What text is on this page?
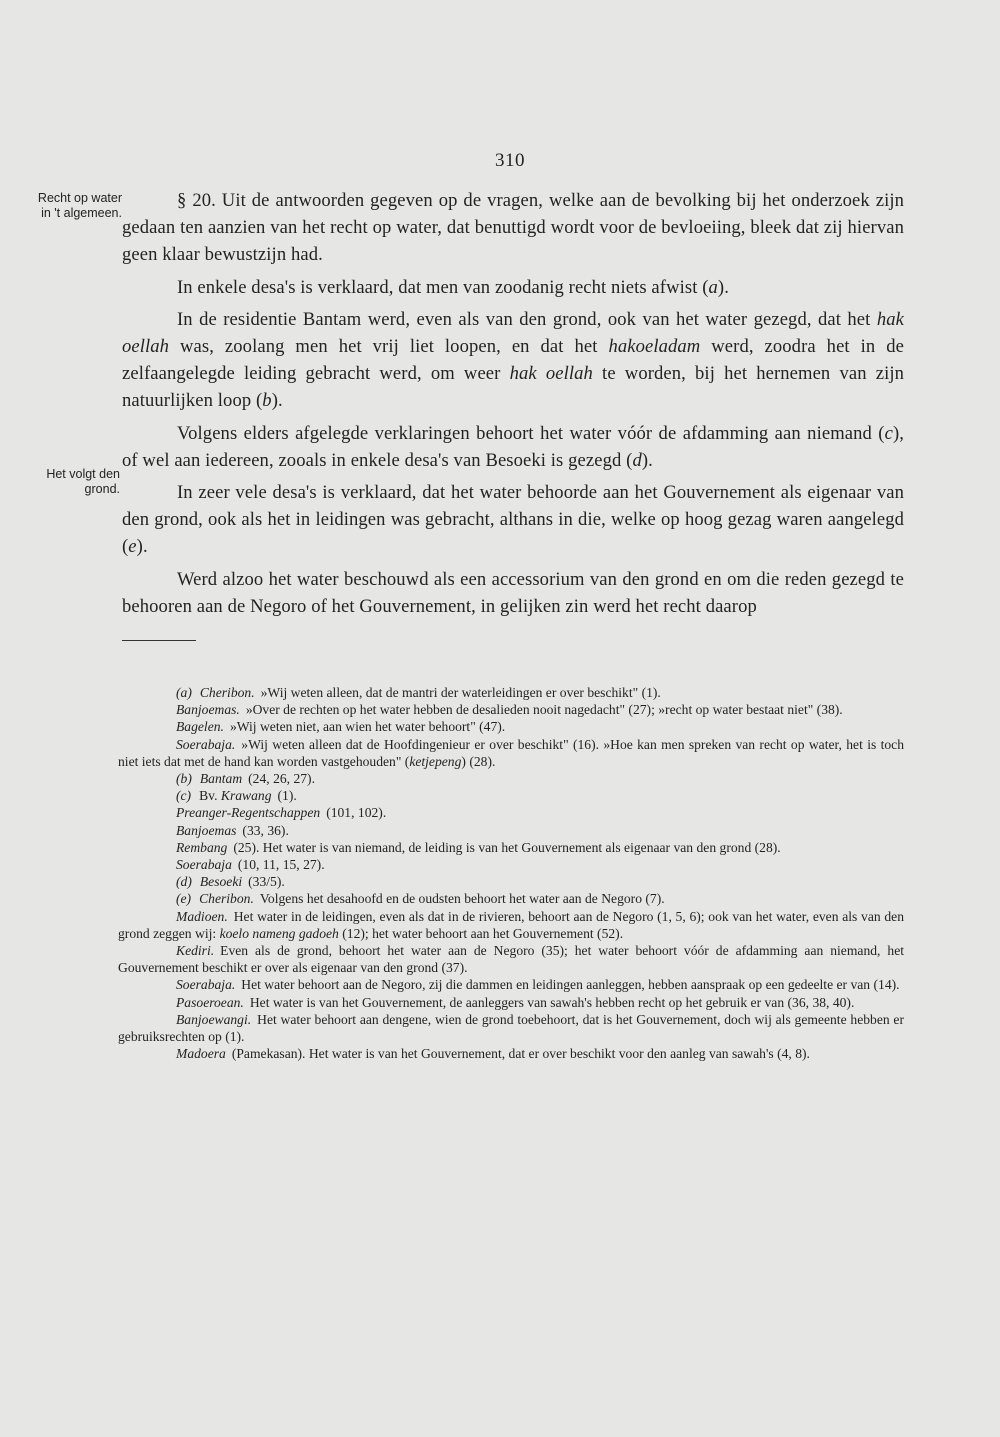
310
Recht op water
in 't algemeen.
Het volgt den
grond.

§ 20. Uit de antwoorden gegeven op de vragen, welke aan de bevolking bij het onderzoek zijn gedaan ten aanzien van het recht op water, dat benuttigd wordt voor de bevloeiing, bleek dat zij hiervan geen klaar bewustzijn had.

In enkele desa's is verklaard, dat men van zoodanig recht niets afwist (a).

In de residentie Bantam werd, even als van den grond, ook van het water gezegd, dat het hak oellah was, zoolang men het vrij liet loopen, en dat het hakoeladam werd, zoodra het in de zelfaangelegde leiding gebracht werd, om weer hak oellah te worden, bij het hernemen van zijn natuurlijken loop (b).

Volgens elders afgelegde verklaringen behoort het water vóór de afdamming aan niemand (c), of wel aan iedereen, zooals in enkele desa's van Besoeki is gezegd (d).

In zeer vele desa's is verklaard, dat het water behoorde aan het Gouvernement als eigenaar van den grond, ook als het in leidingen was gebracht, althans in die, welke op hoog gezag waren aangelegd (e).

Werd alzoo het water beschouwd als een accessorium van den grond en om die reden gezegd te behooren aan de Negoro of het Gouvernement, in gelijken zin werd het recht daarop

(a) Cheribon. »Wij weten alleen, dat de mantri der waterleidingen er over beschikt" (1).

Banjoemas. »Over de rechten op het water hebben de desalieden nooit nagedacht" (27); »recht op water bestaat niet" (38).

Bagelen. »Wij weten niet, aan wien het water behoort" (47).

Soerabaja. »Wij weten alleen dat de Hoofdingenieur er over beschikt" (16). »Hoe kan men spreken van recht op water, het is toch niet iets dat met de hand kan worden vastgehouden" (ketjepeng) (28).

(b) Bantam (24, 26, 27).

(c) Bv. Krawang (1).

Preanger-Regentschappen (101, 102).

Banjoemas (33, 36).

Rembang (25). Het water is van niemand, de leiding is van het Gouvernement als eigenaar van den grond (28).

Soerabaja (10, 11, 15, 27).

(d) Besoeki (33/5).

(e) Cheribon. Volgens het desahoofd en de oudsten behoort het water aan de Negoro (7).

Madioen. Het water in de leidingen, even als dat in de rivieren, behoort aan de Negoro (1, 5, 6); ook van het water, even als van den grond zeggen wij: koelo nameng gadoeh (12); het water behoort aan het Gouvernement (52).

Kediri. Even als de grond, behoort het water aan de Negoro (35); het water behoort vóór de afdamming aan niemand, het Gouvernement beschikt er over als eigenaar van den grond (37).

Soerabaja. Het water behoort aan de Negoro, zij die dammen en leidingen aanleggen, hebben aanspraak op een gedeelte er van (14).

Pasoeroean. Het water is van het Gouvernement, de aanleggers van sawah's hebben recht op het gebruik er van (36, 38, 40).

Banjoewangi. Het water behoort aan dengene, wien de grond toebehoort, dat is het Gouvernement, doch wij als gemeente hebben er gebruiksrechten op (1).

Madoera (Pamekasan). Het water is van het Gouvernement, dat er over beschikt voor den aanleg van sawah's (4, 8).
